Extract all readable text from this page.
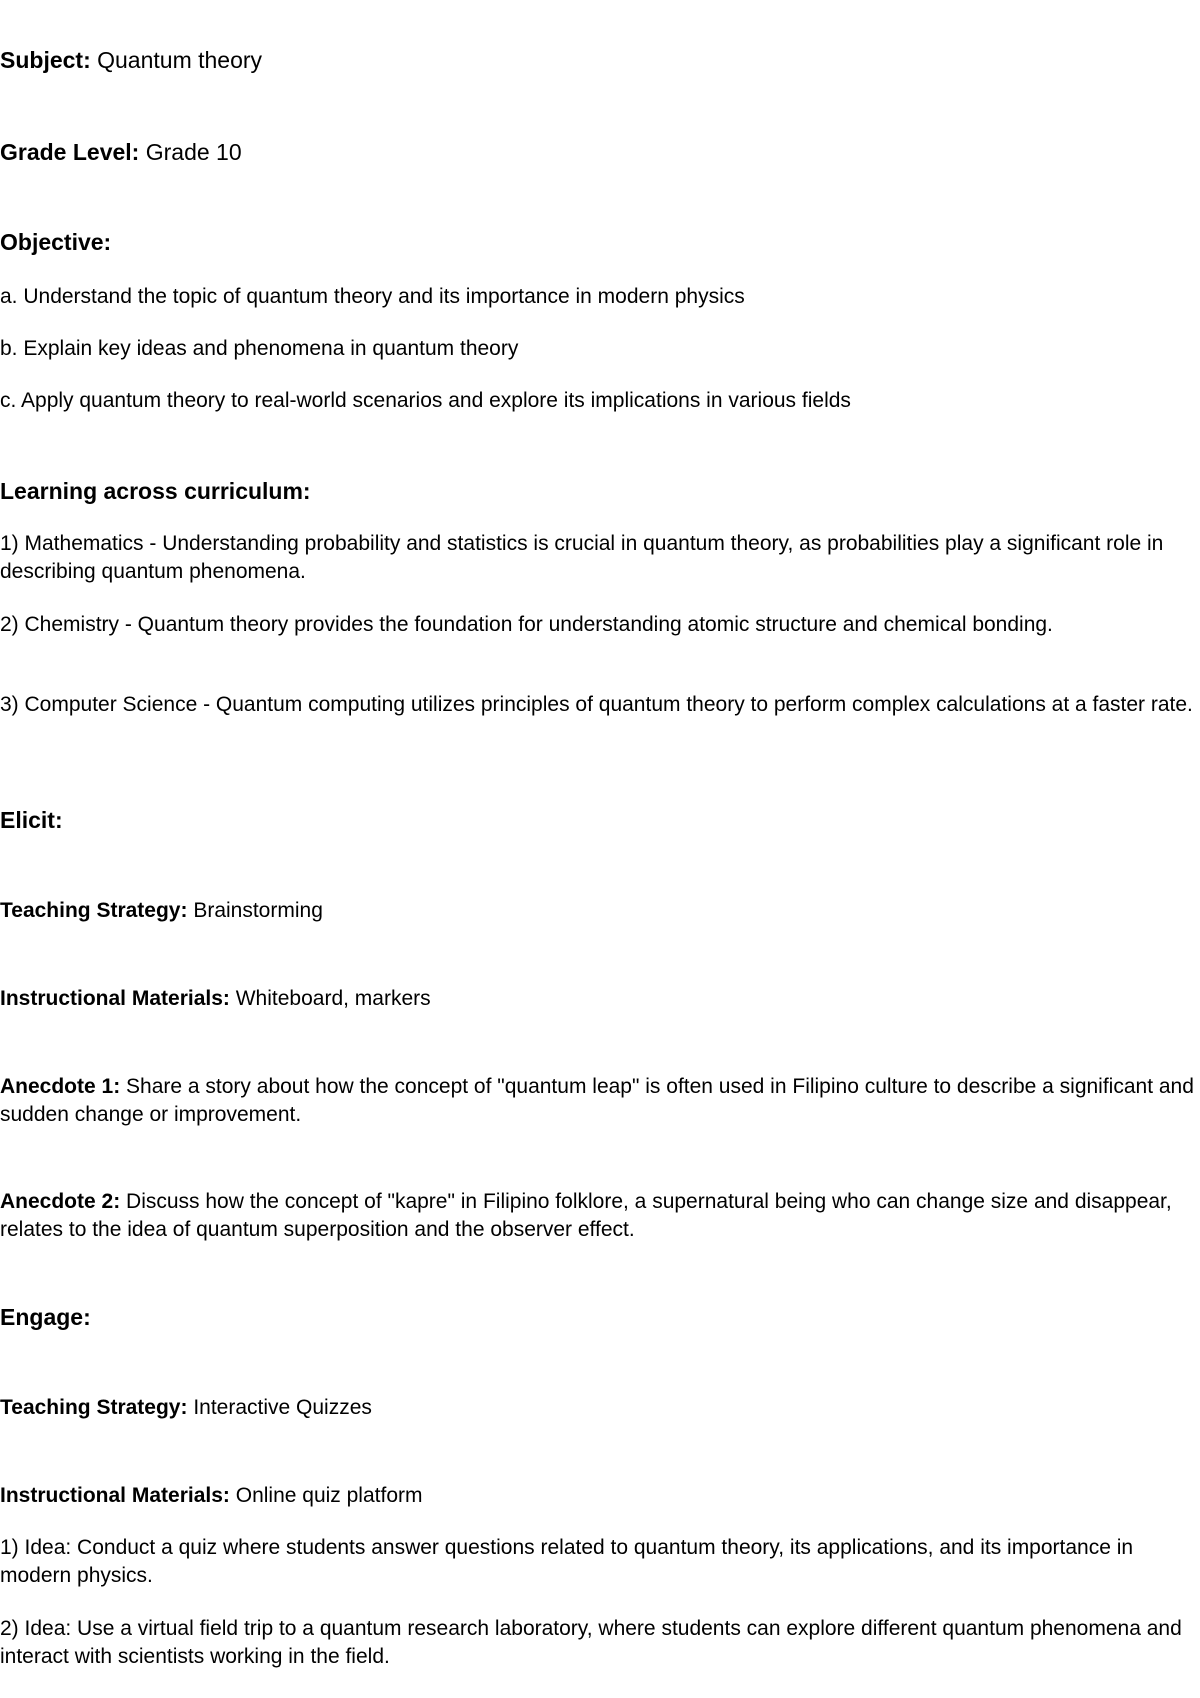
Subject: Quantum theory

Grade Level: Grade 10

Objective:

a. Understand the topic of quantum theory and its importance in modern physics

b. Explain key ideas and phenomena in quantum theory

c. Apply quantum theory to real-world scenarios and explore its implications in various fields

Learning across curriculum:

1) Mathematics - Understanding probability and statistics is crucial in quantum theory, as probabilities play a significant role in describing quantum phenomena.

2) Chemistry - Quantum theory provides the foundation for understanding atomic structure and chemical bonding.

3) Computer Science - Quantum computing utilizes principles of quantum theory to perform complex calculations at a faster rate.

Elicit:

Teaching Strategy: Brainstorming

Instructional Materials: Whiteboard, markers

Anecdote 1: Share a story about how the concept of "quantum leap" is often used in Filipino culture to describe a significant and sudden change or improvement.

Anecdote 2: Discuss how the concept of "kapre" in Filipino folklore, a supernatural being who can change size and disappear, relates to the idea of quantum superposition and the observer effect.

Engage:

Teaching Strategy: Interactive Quizzes

Instructional Materials: Online quiz platform

1) Idea: Conduct a quiz where students answer questions related to quantum theory, its applications, and its importance in modern physics.

2) Idea: Use a virtual field trip to a quantum research laboratory, where students can explore different quantum phenomena and interact with scientists working in the field.
